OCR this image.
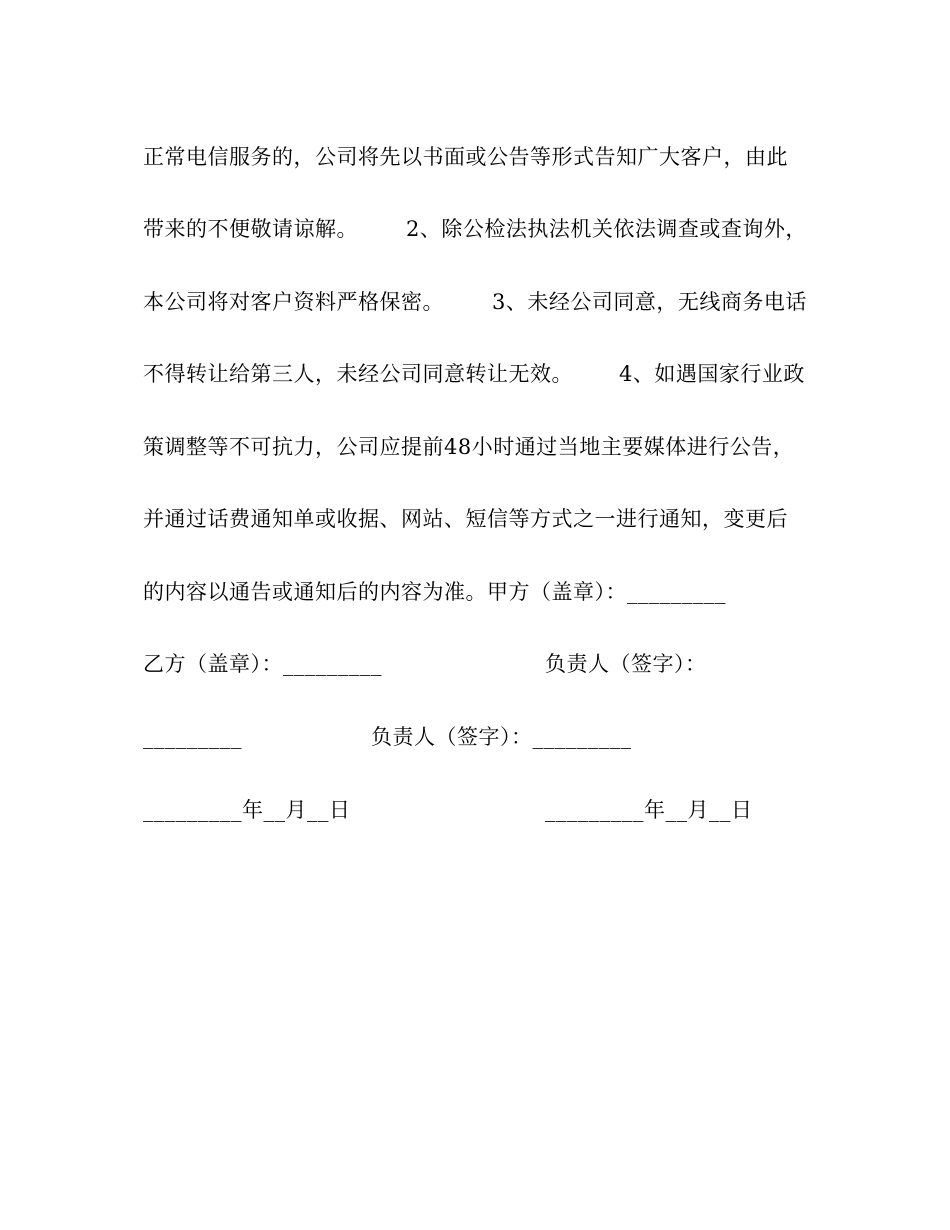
正常电信服务的，公司将先以书面或公告等形式告知广大客户，由此
带来的不便敬请谅解。 2、除公检法执法机关依法调查或查询外，
本公司将对客户资料严格保密。 3、未经公司同意，无线商务电话
不得转让给第三人，未经公司同意转让无效。 4、如遇国家行业政
策调整等不可抗力，公司应提前48小时通过当地主要媒体进行公告，
并通过话费通知单或收据、网站、短信等方式之一进行通知，变更后
的内容以通告或通知后的内容为准。甲方（盖章）：_________
乙方（盖章）：_________	负责人（签字）：
_________	负责人（签字）：_________
_________年__月__日	_________年__月__日
